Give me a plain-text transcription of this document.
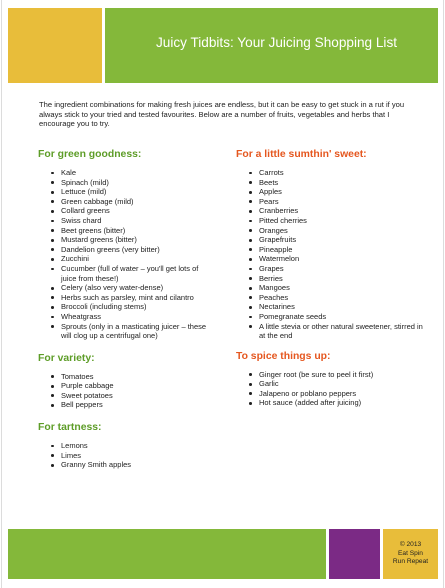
Juicy Tidbits: Your Juicing Shopping List

The ingredient combinations for making fresh juices are endless, but it can be easy to get stuck in a rut if you always stick to your tried and tested favourites. Below are a number of fruits, vegetables and herbs that I encourage you to try.

For green goodness:
Kale
Spinach (mild)
Lettuce (mild)
Green cabbage (mild)
Collard greens
Swiss chard
Beet greens (bitter)
Mustard greens (bitter)
Dandelion greens (very bitter)
Zucchini
Cucumber (full of water – you'll get lots of juice from these!)
Celery (also very water-dense)
Herbs such as parsley, mint and cilantro
Broccoli (including stems)
Wheatgrass
Sprouts (only in a masticating juicer – these will clog up a centrifugal one)
For variety:
Tomatoes
Purple cabbage
Sweet potatoes
Bell peppers
For tartness:
Lemons
Limes
Granny Smith apples
For a little sumthin' sweet:
Carrots
Beets
Apples
Pears
Cranberries
Pitted cherries
Oranges
Grapefruits
Pineapple
Watermelon
Grapes
Berries
Mangoes
Peaches
Nectarines
Pomegranate seeds
A little stevia or other natural sweetener, stirred in at the end
To spice things up:
Ginger root (be sure to peel it first)
Garlic
Jalapeno or poblano peppers
Hot sauce (added after juicing)
© 2013
Eat Spin
Run Repeat
